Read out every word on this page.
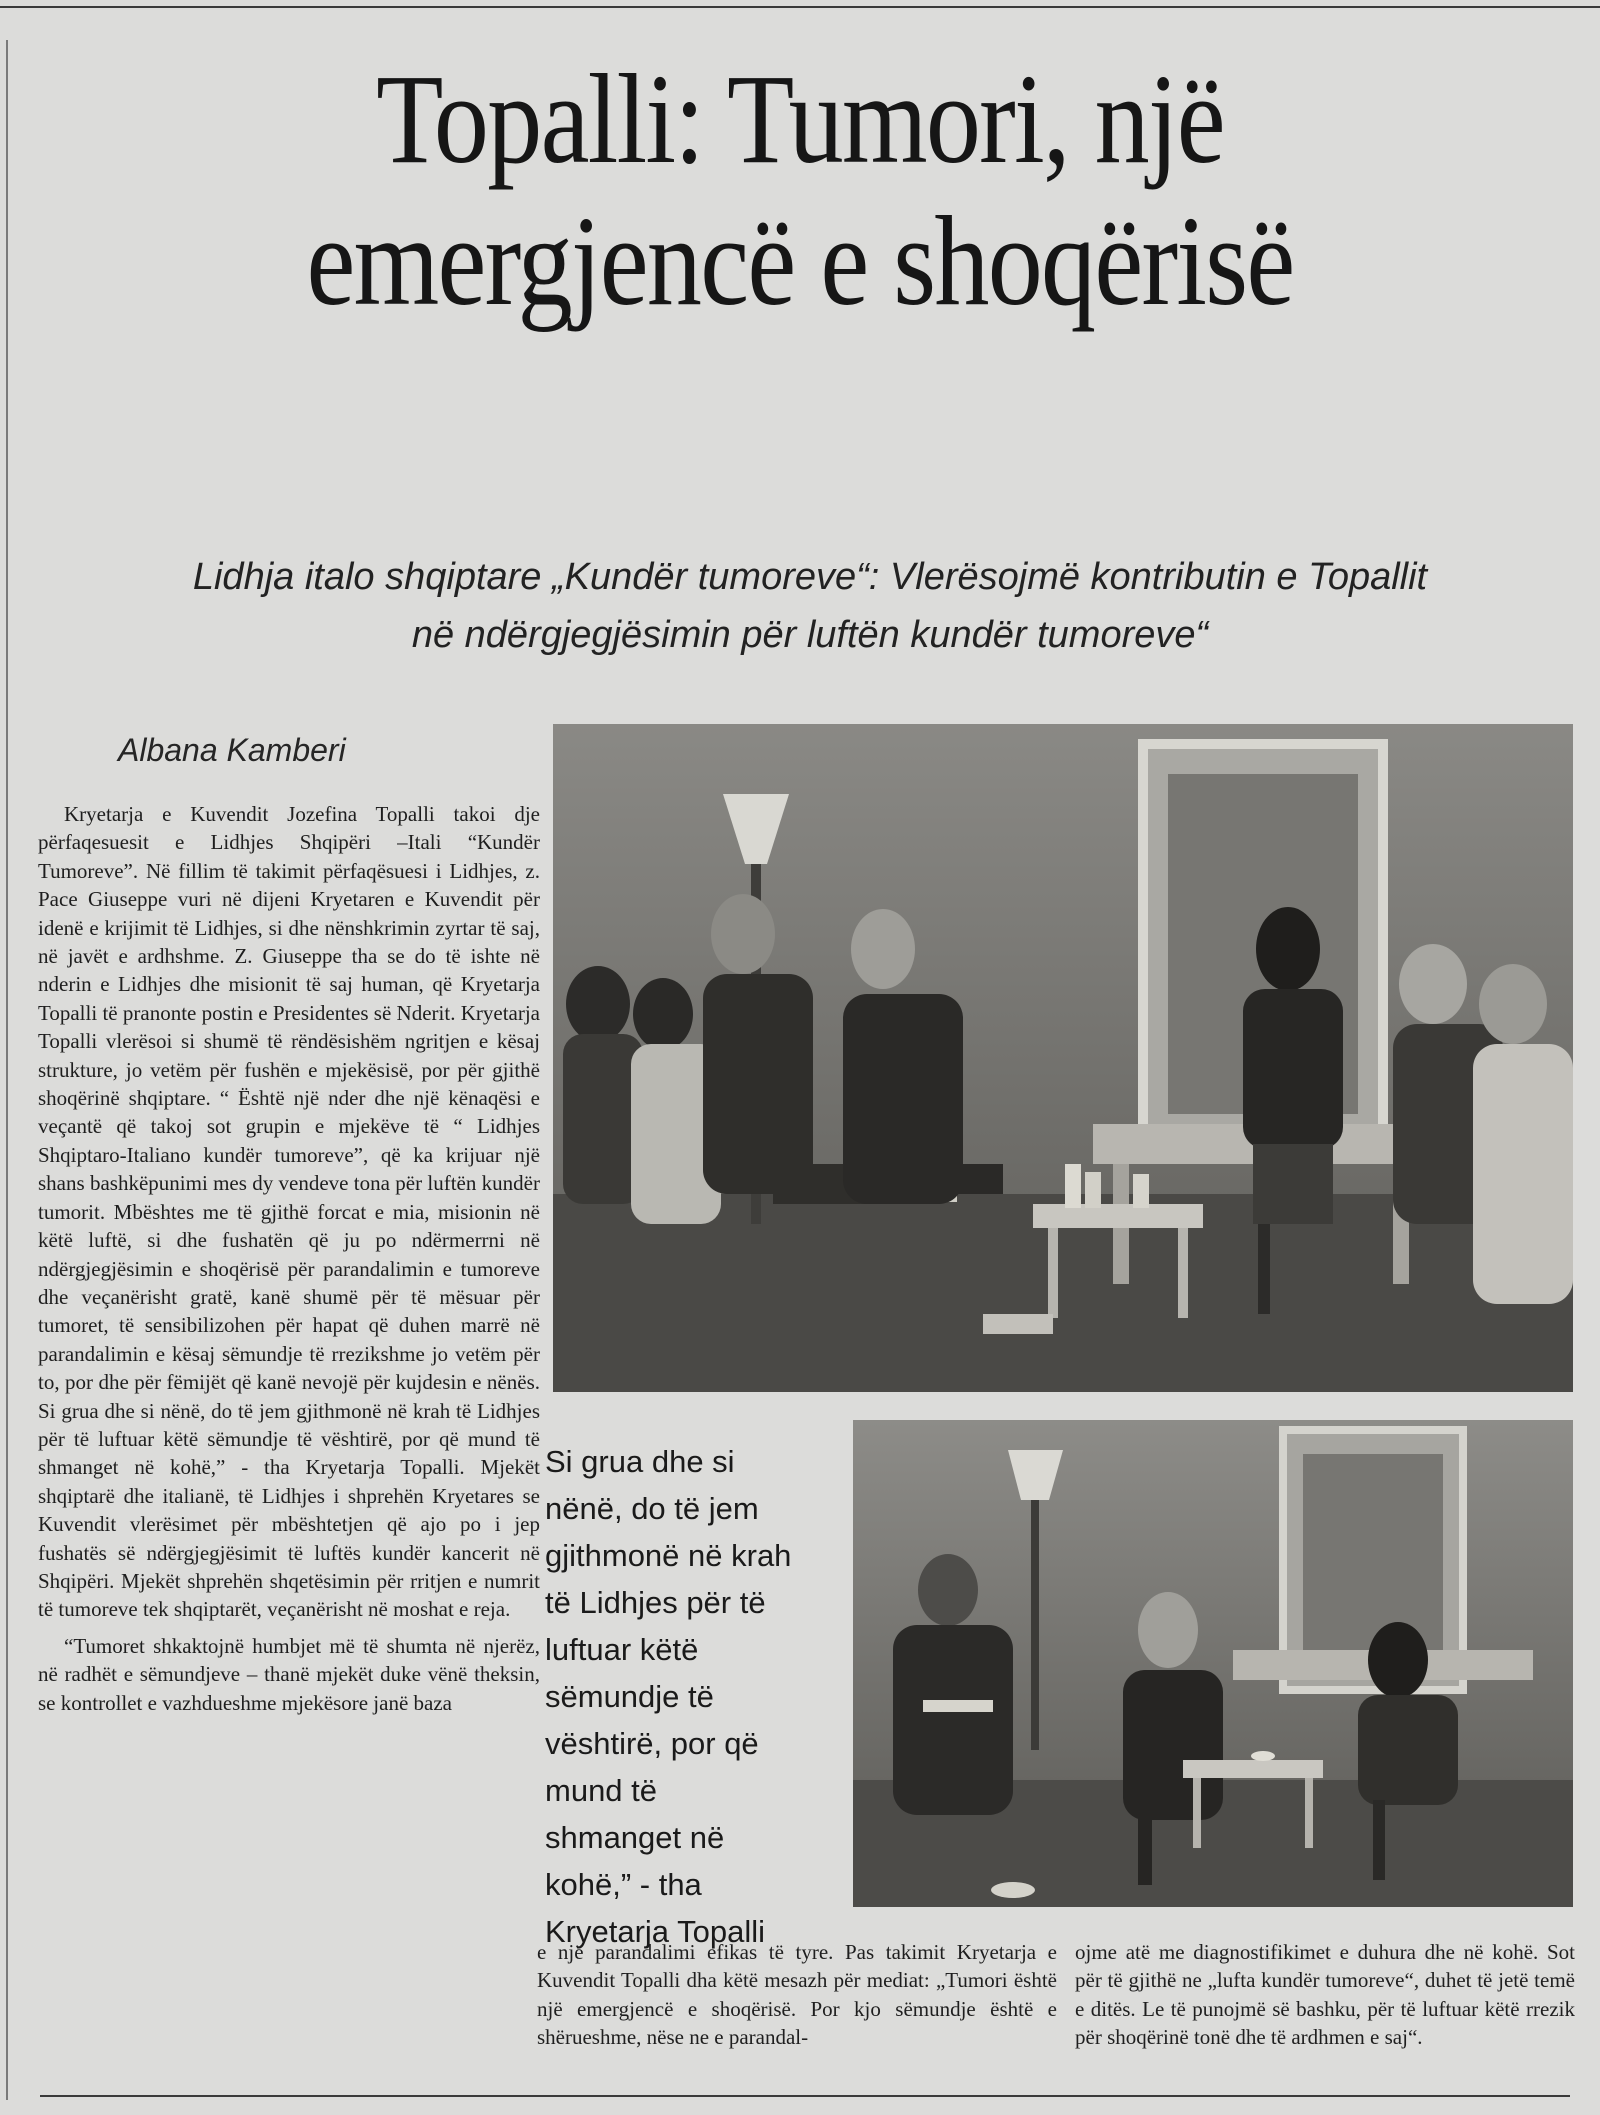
Topalli: Tumori, një
emergjencë e shoqërisë
Lidhja italo shqiptare „Kundër tumoreve“: Vlerësojmë kontributin e Topallit
në ndërgjegjësimin për luftën kundër tumoreve“
Albana Kamberi

Kryetarja e Kuvendit Jozefina Topalli takoi dje përfaqesuesit e Lidhjes Shqipëri –Itali “Kundër Tumoreve”. Në fillim të takimit përfaqësuesi i Lidhjes, z. Pace Giuseppe vuri në dijeni Kryetaren e Kuvendit për idenë e krijimit të Lidhjes, si dhe nënshkrimin zyrtar të saj, në javët e ardhshme. Z. Giuseppe tha se do të ishte në nderin e Lidhjes dhe misionit të saj human, që Kryetarja Topalli të pranonte postin e Presidentes së Nderit. Kryetarja Topalli vlerësoi si shumë të rëndësishëm ngritjen e kësaj strukture, jo vetëm për fushën e mjekësisë, por për gjithë shoqërinë shqiptare. “ Është një nder dhe një kënaqësi e veçantë që takoj sot grupin e mjekëve të “ Lidhjes Shqiptaro-Italiano kundër tumoreve”, që ka krijuar një shans bashkëpunimi mes dy vendeve tona për luftën kundër tumorit. Mbështes me të gjithë forcat e mia, misionin në këtë luftë, si dhe fushatën që ju po ndërmerrni në ndërgjegjësimin e shoqërisë për parandalimin e tumoreve dhe veçanërisht gratë, kanë shumë për të mësuar për tumoret, të sensibilizohen për hapat që duhen marrë në parandalimin e kësaj sëmundje të rrezikshme jo vetëm për to, por dhe për fëmijët që kanë nevojë për kujdesin e nënës. Si grua dhe si nënë, do të jem gjithmonë në krah të Lidhjes për të luftuar këtë sëmundje të vështirë, por që mund të shmanget në kohë,” - tha Kryetarja Topalli. Mjekët shqiptarë dhe italianë, të Lidhjes i shprehën Kryetares se Kuvendit vlerësimet për mbështetjen që ajo po i jep fushatës së ndërgjegjësimit të luftës kundër kancerit në Shqipëri. Mjekët shprehën shqetësimin për rritjen e numrit të tumoreve tek shqiptarët, veçanërisht në moshat e reja.

“Tumoret shkaktojnë humbjet më të shumta në njerëz, në radhët e sëmundjeve – thanë mjekët duke vënë theksin, se kontrollet e vazhdueshme mjekësore janë baza

Si grua dhe si nënë, do të jem gjithmonë në krah të Lidhjes për të luftuar këtë sëmundje të vështirë, por që mund të shmanget në kohë,” - tha Kryetarja Topalli

e një parandalimi efikas të tyre. Pas takimit Kryetarja e Kuvendit Topalli dha këtë mesazh për mediat: „Tumori është një emergjencë e shoqërisë. Por kjo sëmundje është e shërueshme, nëse ne e parandal-

ojme atë me diagnostifikimet e duhura dhe në kohë. Sot për të gjithë ne „lufta kundër tumoreve“, duhet të jetë temë e ditës. Le të punojmë së bashku, për të luftuar këtë rrezik për shoqërinë tonë dhe të ardhmen e saj“.
